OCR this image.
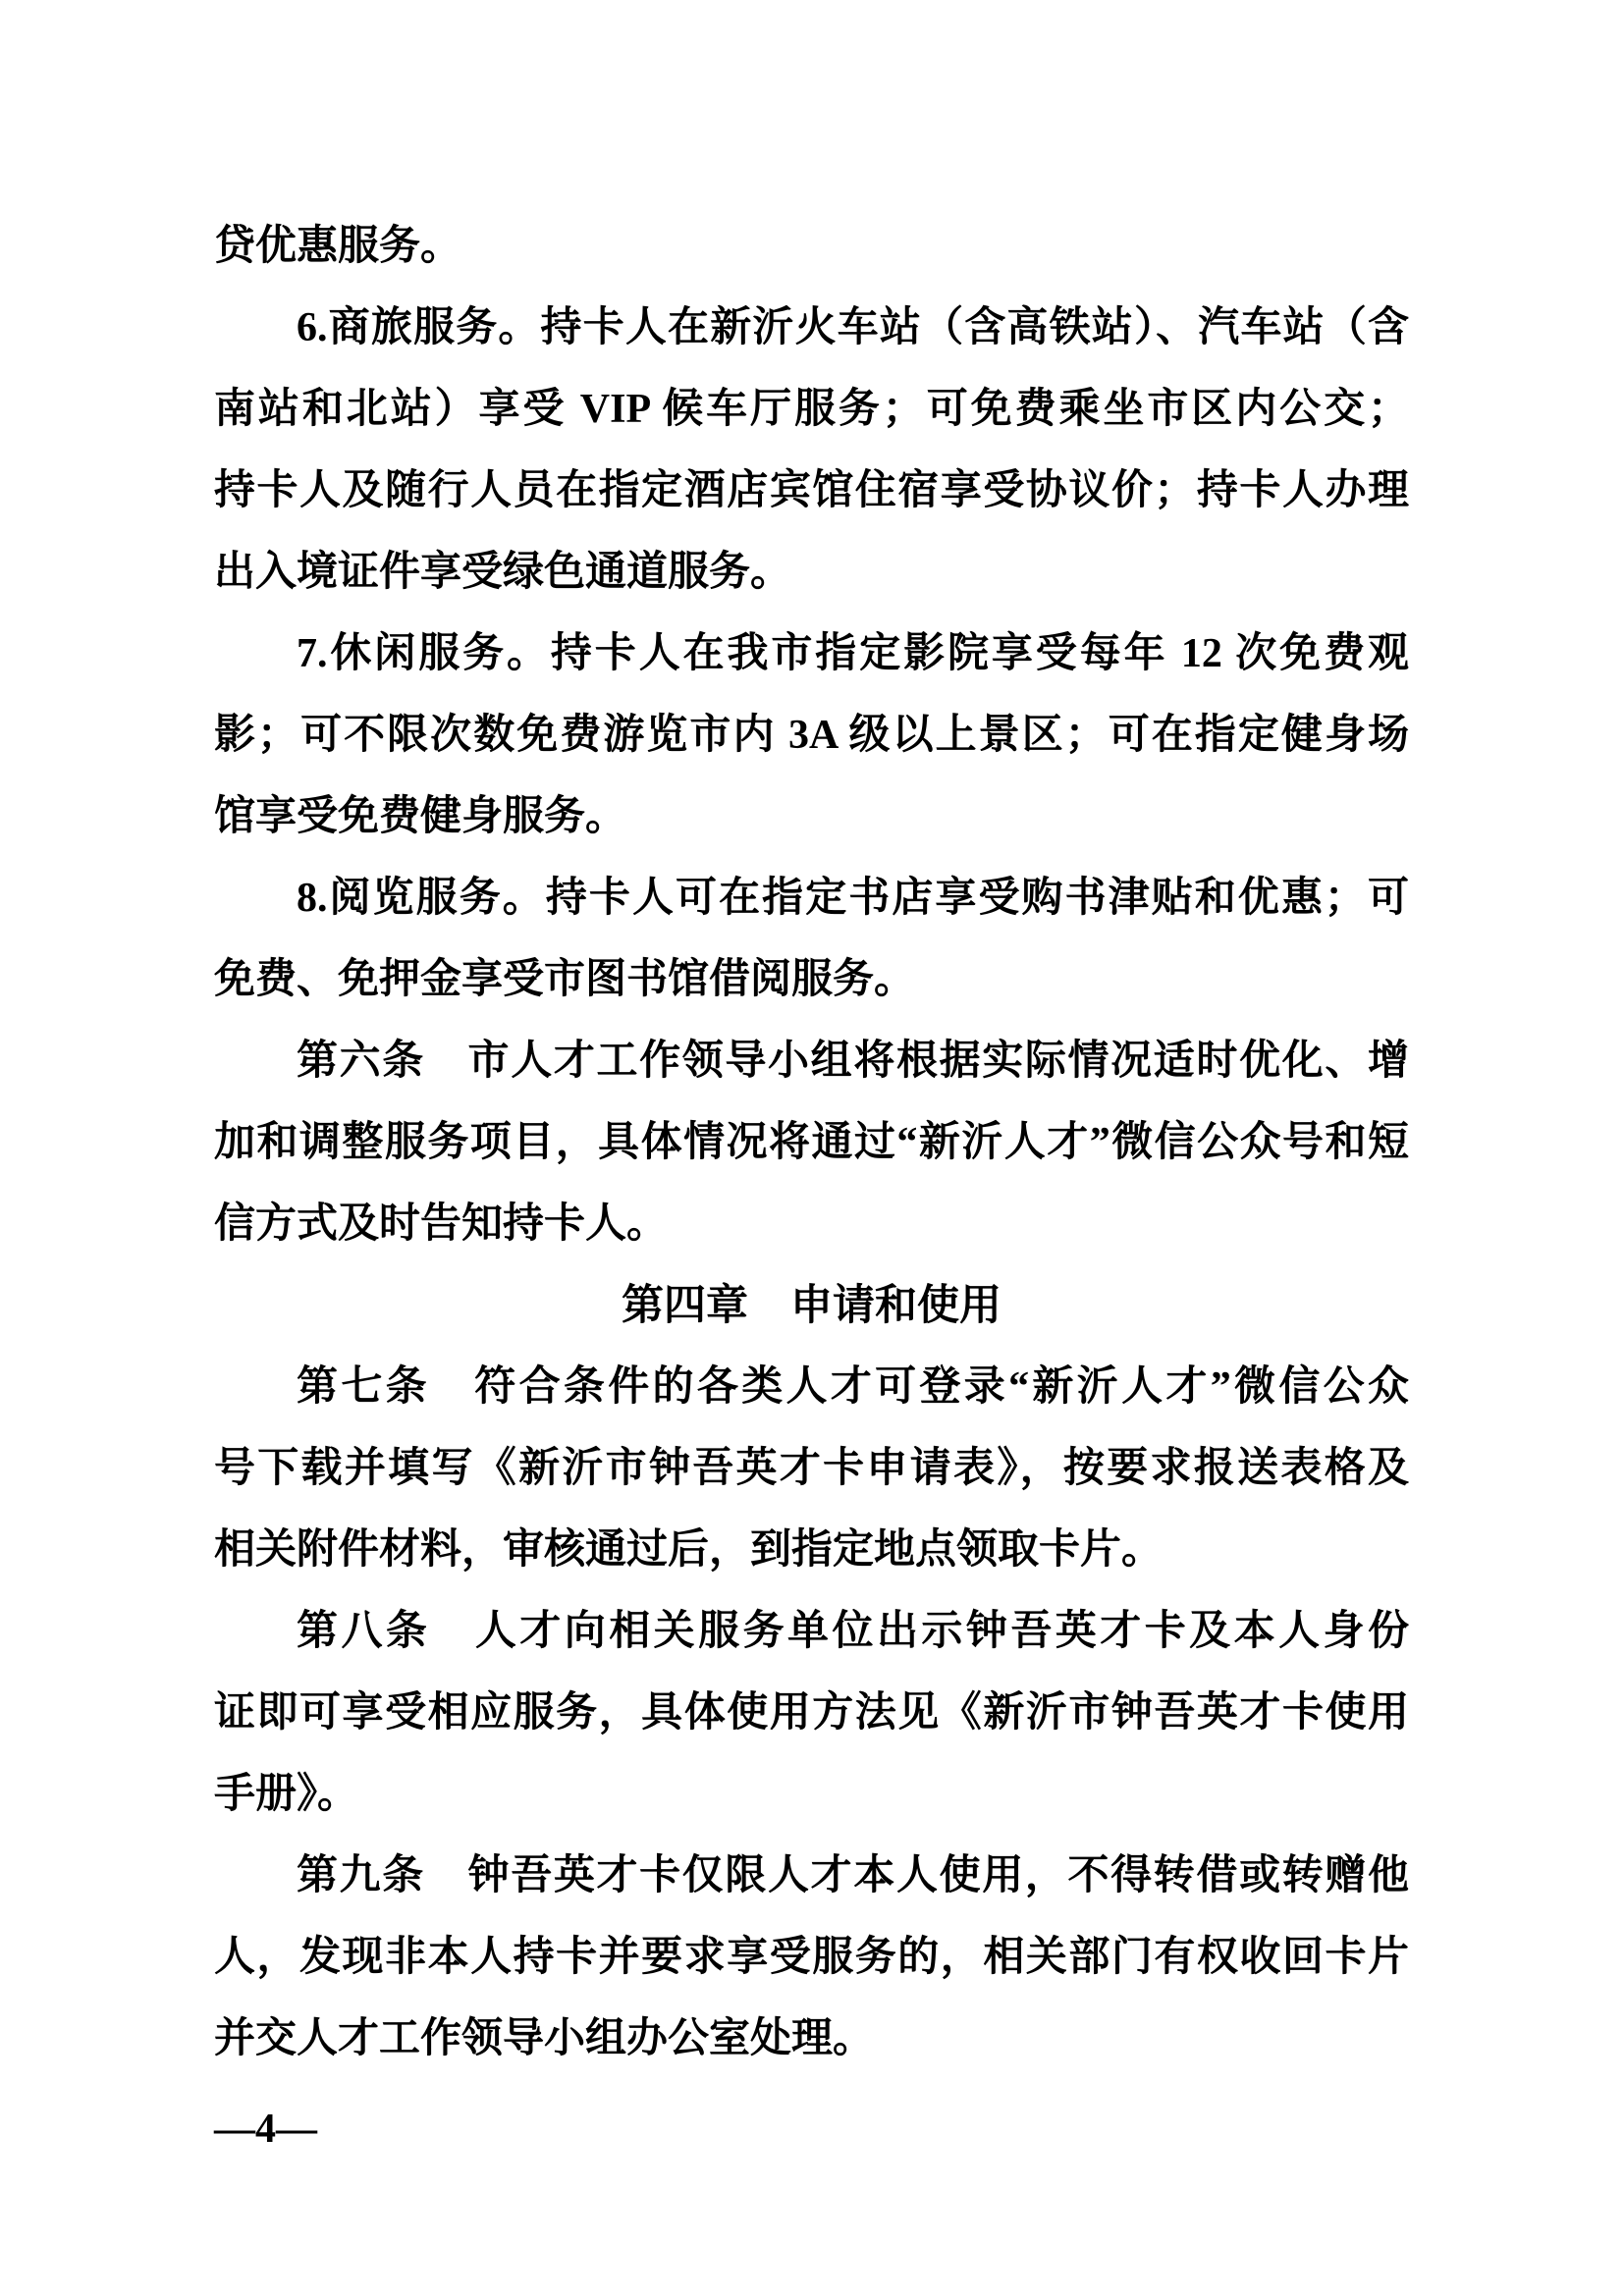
贷优惠服务。
6.商旅服务。持卡人在新沂火车站（含高铁站）、汽车站（含
南站和北站）享受 VIP 候车厅服务；可免费乘坐市区内公交；
持卡人及随行人员在指定酒店宾馆住宿享受协议价；持卡人办理
出入境证件享受绿色通道服务。
7.休闲服务。持卡人在我市指定影院享受每年 12 次免费观
影；可不限次数免费游览市内 3A 级以上景区；可在指定健身场
馆享受免费健身服务。
8.阅览服务。持卡人可在指定书店享受购书津贴和优惠；可
免费、免押金享受市图书馆借阅服务。
第六条　市人才工作领导小组将根据实际情况适时优化、增
加和调整服务项目，具体情况将通过“新沂人才”微信公众号和短
信方式及时告知持卡人。
第四章　申请和使用
第七条　符合条件的各类人才可登录“新沂人才”微信公众
号下载并填写《新沂市钟吾英才卡申请表》，按要求报送表格及
相关附件材料，审核通过后，到指定地点领取卡片。
第八条　人才向相关服务单位出示钟吾英才卡及本人身份
证即可享受相应服务，具体使用方法见《新沂市钟吾英才卡使用
手册》。
第九条　钟吾英才卡仅限人才本人使用，不得转借或转赠他
人，发现非本人持卡并要求享受服务的，相关部门有权收回卡片
并交人才工作领导小组办公室处理。
—4—
